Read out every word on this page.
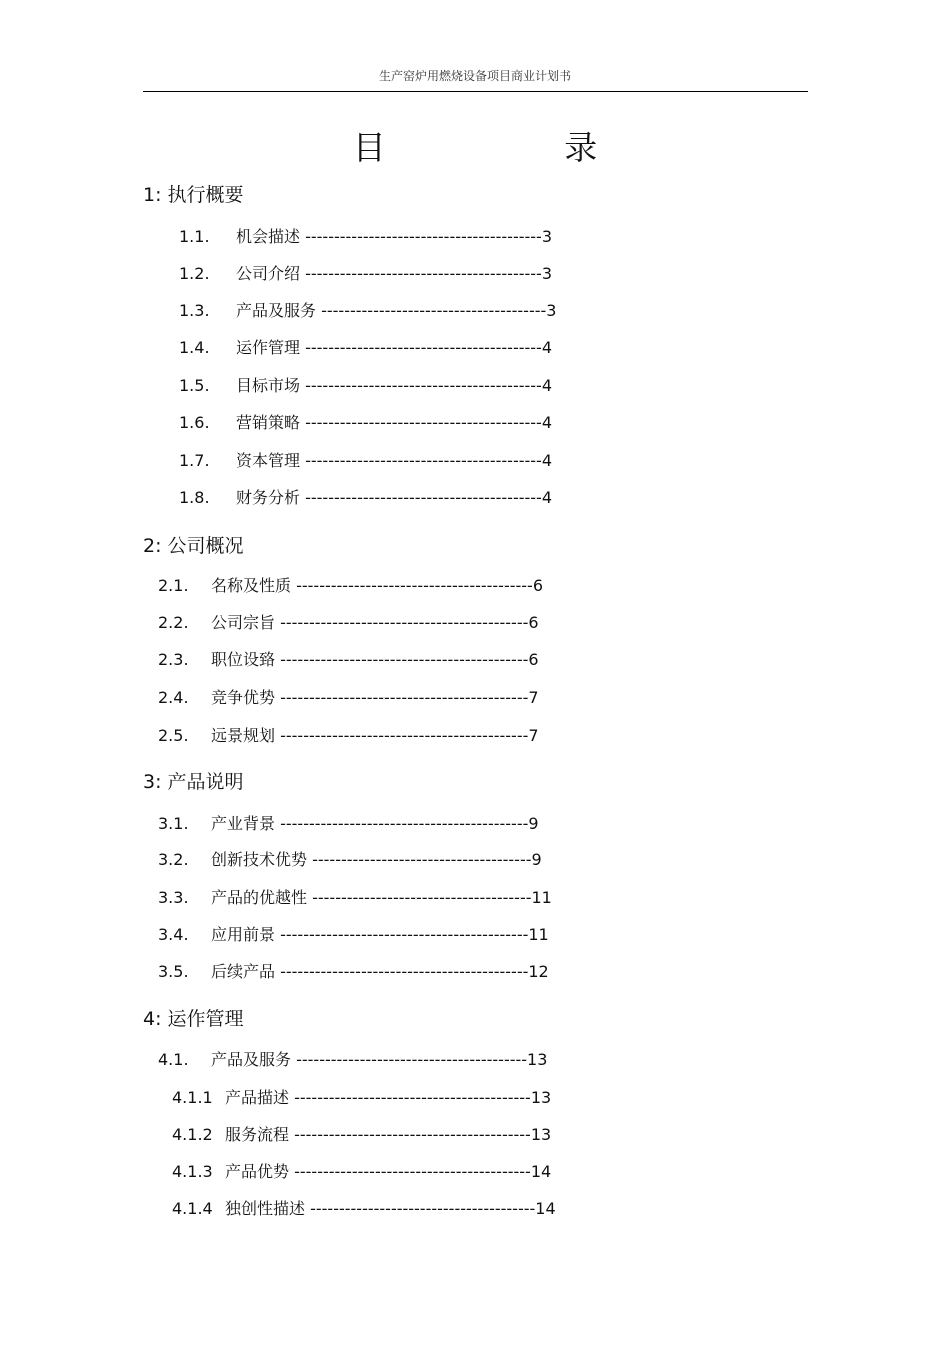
生产窑炉用燃烧设备项目商业计划书
目 录
1: 执行概要
1.1. 机会描述 -----------------------------------------3
1.2. 公司介绍 -----------------------------------------3
1.3. 产品及服务 ---------------------------------------3
1.4. 运作管理 -----------------------------------------4
1.5. 目标市场 -----------------------------------------4
1.6. 营销策略 -----------------------------------------4
1.7. 资本管理 -----------------------------------------4
1.8. 财务分析 -----------------------------------------4
2: 公司概况
2.1. 名称及性质 -----------------------------------------6
2.2. 公司宗旨 -------------------------------------------6
2.3. 职位设臵 -------------------------------------------6
2.4. 竞争优势 -------------------------------------------7
2.5. 远景规划 -------------------------------------------7
3: 产品说明
3.1. 产业背景 -------------------------------------------9
3.2. 创新技术优势 --------------------------------------9
3.3. 产品的优越性 --------------------------------------11
3.4. 应用前景 -------------------------------------------11
3.5. 后续产品 -------------------------------------------12
4: 运作管理
4.1. 产品及服务 ----------------------------------------13
4.1.1 产品描述 -----------------------------------------13
4.1.2 服务流程 -----------------------------------------13
4.1.3 产品优势 -----------------------------------------14
4.1.4 独创性描述 ---------------------------------------14
